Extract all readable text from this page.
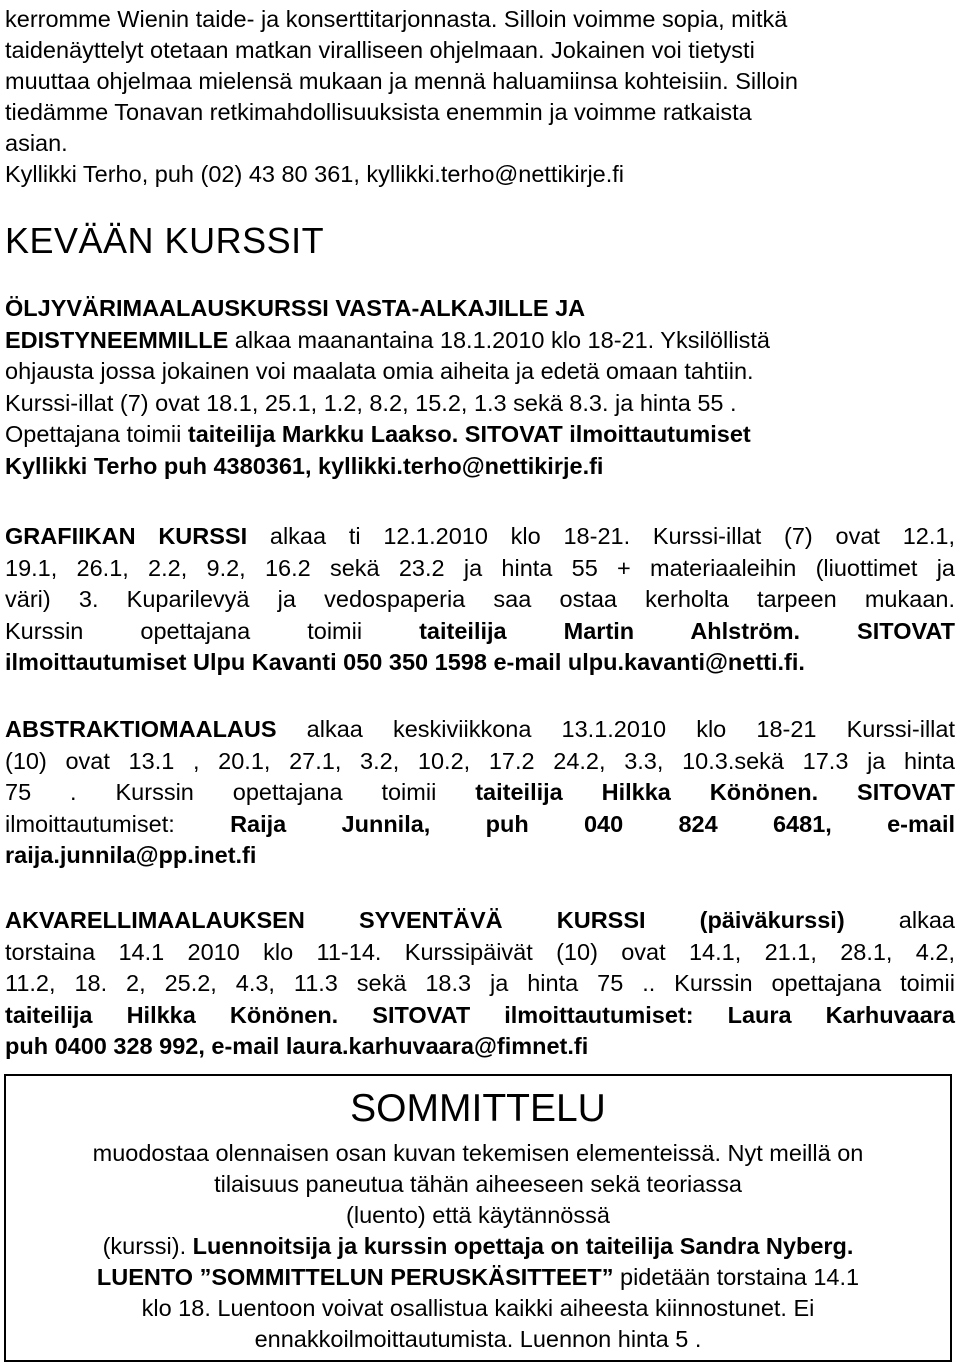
kerromme Wienin taide- ja konserttitarjonnasta. Silloin voimme sopia, mitkä

taidenäyttelyt otetaan matkan viralliseen ohjelmaan. Jokainen voi tietysti

muuttaa ohjelmaa mielensä mukaan ja mennä haluamiinsa kohteisiin. Silloin

tiedämme Tonavan retkimahdollisuuksista enemmin ja voimme ratkaista

asian.

Kyllikki Terho, puh (02) 43 80 361, kyllikki.terho@nettikirje.fi

KEVÄÄN KURSSIT
ÖLJYVÄRIMAALAUSKURSSI VASTA-ALKAJILLE JA
EDISTYNEEMMILLE alkaa maanantaina 18.1.2010 klo 18-21. Yksilöllistä
ohjausta jossa jokainen voi maalata omia aiheita ja edetä omaan tahtiin.
Kurssi-illat (7) ovat 18.1, 25.1, 1.2, 8.2, 15.2, 1.3 sekä 8.3. ja hinta 55 .
Opettajana toimii taiteilija Markku Laakso. SITOVAT ilmoittautumiset
Kyllikki Terho puh 4380361, kyllikki.terho@nettikirje.fi
GRAFIIKAN KURSSI alkaa ti 12.1.2010 klo 18-21. Kurssi-illat (7) ovat 12.1,
19.1, 26.1, 2.2, 9.2, 16.2 sekä 23.2 ja hinta 55 + materiaaleihin (liuottimet ja
väri) 3. Kuparilevyä ja vedospaperia saa ostaa kerholta tarpeen mukaan.
Kurssin opettajana toimii taiteilija Martin Ahlström. SITOVAT
ilmoittautumiset Ulpu Kavanti 050 350 1598 e-mail ulpu.kavanti@netti.fi.
ABSTRAKTIOMAALAUS alkaa keskiviikkona 13.1.2010 klo 18-21 Kurssi-illat
(10) ovat 13.1 , 20.1, 27.1, 3.2, 10.2, 17.2 24.2, 3.3, 10.3.sekä 17.3 ja hinta
75 . Kurssin opettajana toimii taiteilija Hilkka Könönen. SITOVAT
ilmoittautumiset: Raija Junnila, puh 040 824 6481, e-mail
raija.junnila@pp.inet.fi
AKVARELLIMAALAUKSEN SYVENTÄVÄ KURSSI (päiväkurssi) alkaa
torstaina 14.1 2010 klo 11-14. Kurssipäivät (10) ovat 14.1, 21.1, 28.1, 4.2,
11.2, 18. 2, 25.2, 4.3, 11.3 sekä 18.3 ja hinta 75 .. Kurssin opettajana toimii
taiteilija Hilkka Könönen. SITOVAT ilmoittautumiset: Laura Karhuvaara
puh 0400 328 992, e-mail laura.karhuvaara@fimnet.fi
SOMMITTELU
muodostaa olennaisen osan kuvan tekemisen elementeissä. Nyt meillä on
tilaisuus paneutua tähän aiheeseen sekä teoriassa
(luento) että käytännössä
(kurssi). Luennoitsija ja kurssin opettaja on taiteilija Sandra Nyberg.
LUENTO ”SOMMITTELUN PERUSKÄSITTEET” pidetään torstaina 14.1
klo 18. Luentoon voivat osallistua kaikki aiheesta kiinnostunet. Ei
ennakkoilmoittautumista. Luennon hinta 5 .
